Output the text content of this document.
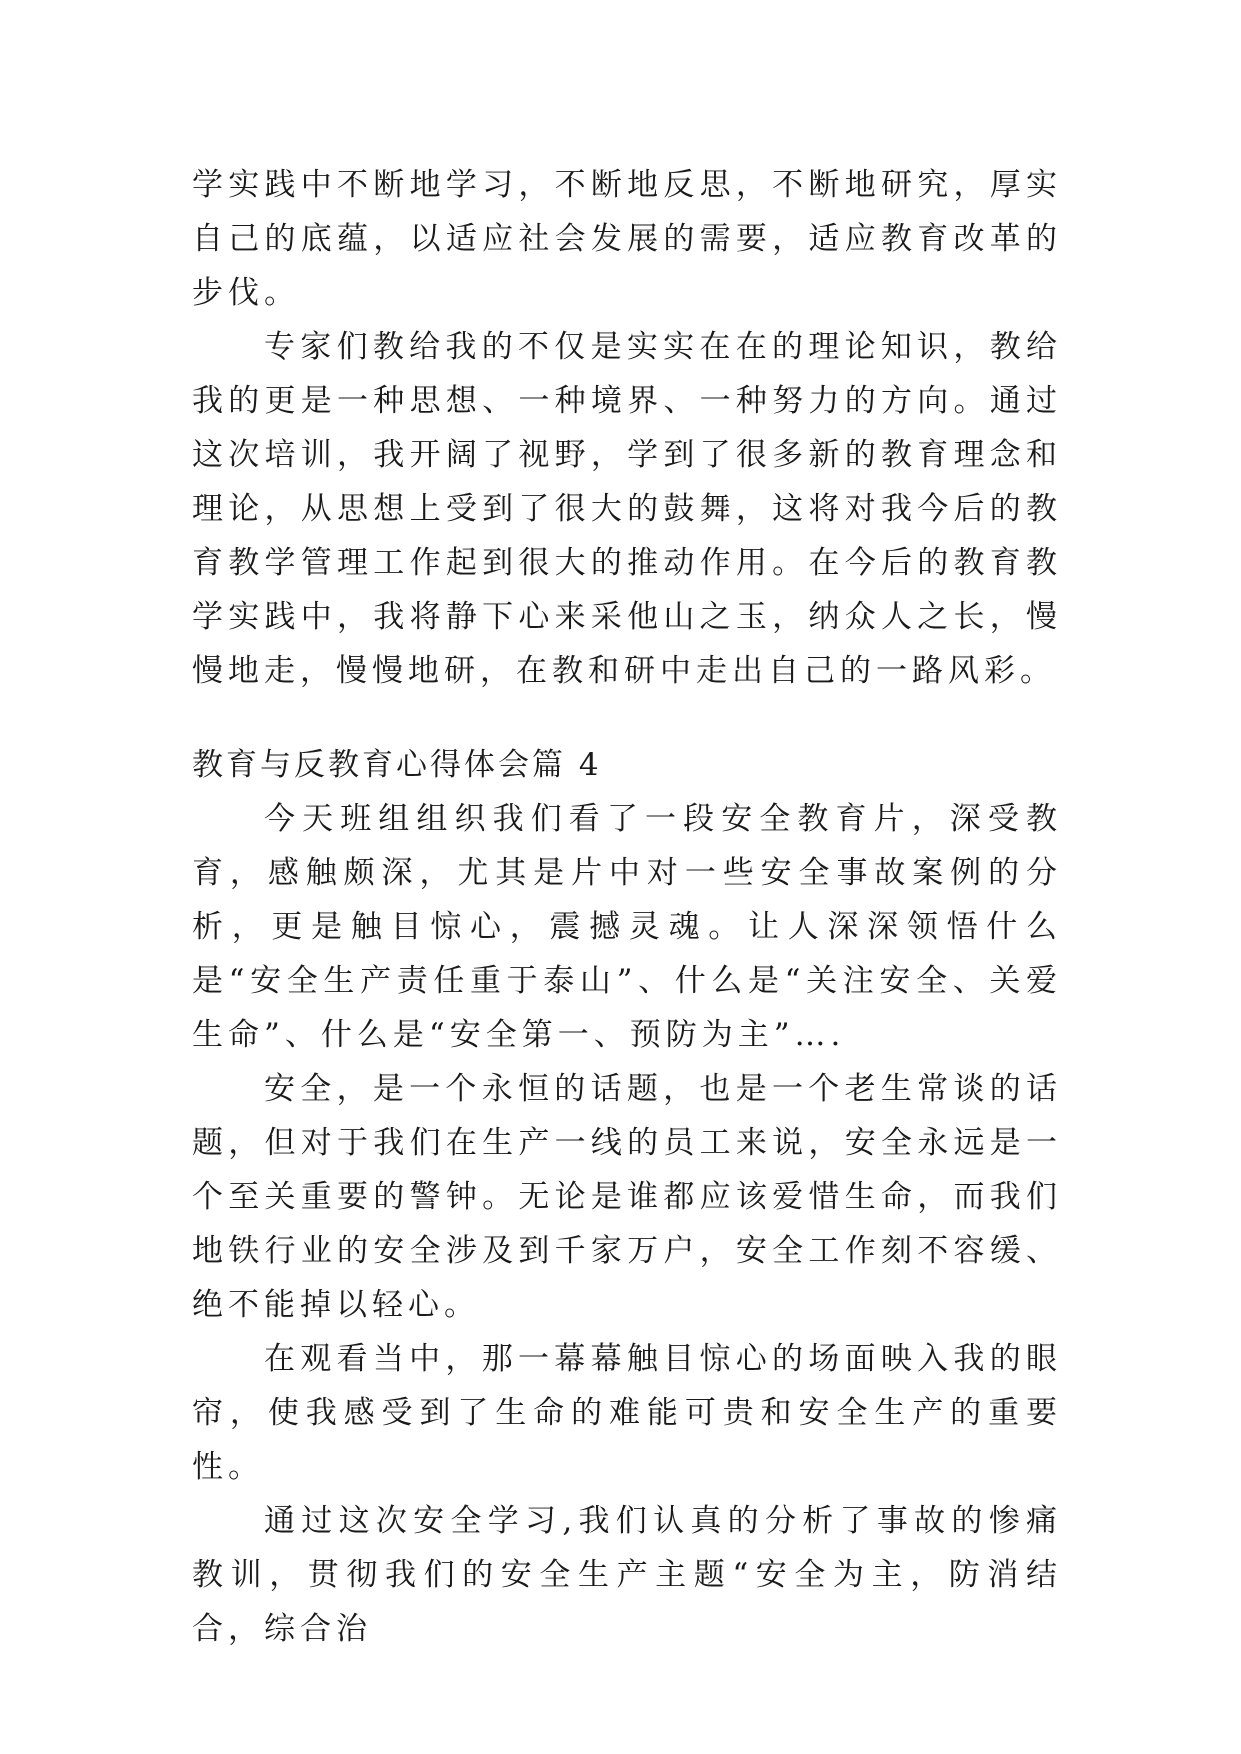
学实践中不断地学习，不断地反思，不断地研究，厚实自己的底蕴，以适应社会发展的需要，适应教育改革的步伐。

专家们教给我的不仅是实实在在的理论知识，教给我的更是一种思想、一种境界、一种努力的方向。通过这次培训，我开阔了视野，学到了很多新的教育理念和理论，从思想上受到了很大的鼓舞，这将对我今后的教育教学管理工作起到很大的推动作用。在今后的教育教学实践中，我将静下心来采他山之玉，纳众人之长，慢慢地走，慢慢地研，在教和研中走出自己的一路风彩。

教育与反教育心得体会篇 4

今天班组组织我们看了一段安全教育片，深受教育，感触颇深，尤其是片中对一些安全事故案例的分析，更是触目惊心，震撼灵魂。让人深深领悟什么是“安全生产责任重于泰山”、什么是“关注安全、关爱生命”、什么是“安全第一、预防为主”….

安全，是一个永恒的话题，也是一个老生常谈的话题，但对于我们在生产一线的员工来说，安全永远是一个至关重要的警钟。无论是谁都应该爱惜生命，而我们地铁行业的安全涉及到千家万户，安全工作刻不容缓、绝不能掉以轻心。

在观看当中，那一幕幕触目惊心的场面映入我的眼帘，使我感受到了生命的难能可贵和安全生产的重要性。

通过这次安全学习,我们认真的分析了事故的惨痛教训，贯彻我们的安全生产主题“安全为主，防消结合，综合治
